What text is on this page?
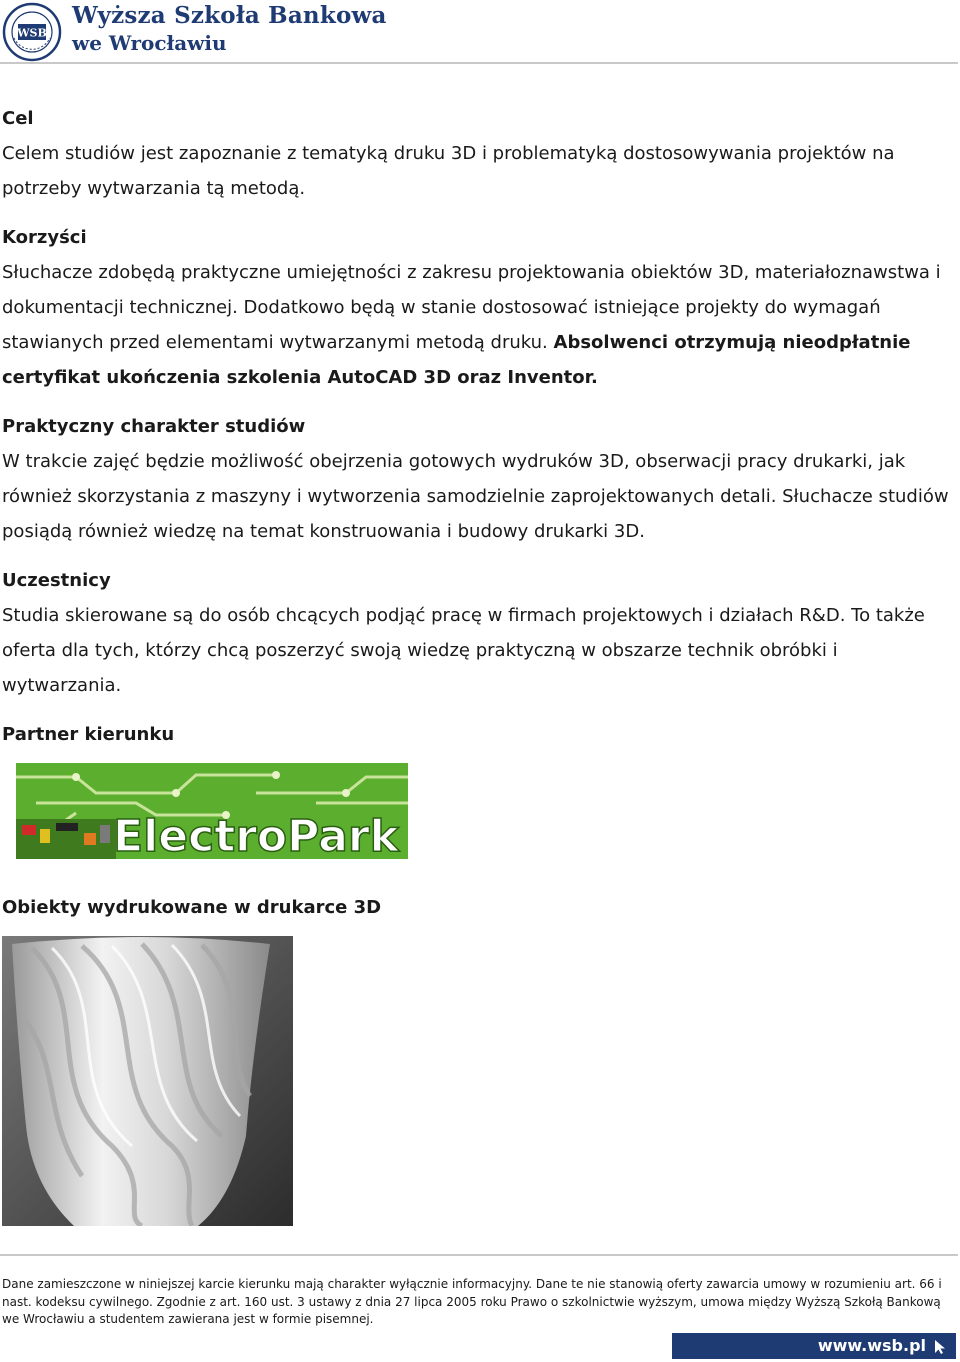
WSB
Wyższa Szkoła Bankowa
we Wrocławiu
Cel

Celem studiów jest zapoznanie z tematyką druku 3D i problematyką dostosowywania projektów na potrzeby wytwarzania tą metodą.

Korzyści

Słuchacze zdobędą praktyczne umiejętności z zakresu projektowania obiektów 3D, materiałoznawstwa i dokumentacji technicznej. Dodatkowo będą w stanie dostosować istniejące projekty do wymagań stawianych przed elementami wytwarzanymi metodą druku. Absolwenci otrzymują nieodpłatnie certyfikat ukończenia szkolenia AutoCAD 3D oraz Inventor.

Praktyczny charakter studiów

W trakcie zajęć będzie możliwość obejrzenia gotowych wydruków 3D, obserwacji pracy drukarki, jak również skorzystania z maszyny i wytworzenia samodzielnie zaprojektowanych detali. Słuchacze studiów posiądą również wiedzę na temat konstruowania i budowy drukarki 3D.

Uczestnicy

Studia skierowane są do osób chcących podjąć pracę w firmach projektowych i działach R&D. To także oferta dla tych, którzy chcą poszerzyć swoją wiedzę praktyczną w obszarze technik obróbki i wytwarzania.

Partner kierunku
ElectroPark
Obiekty wydrukowane w drukarce 3D
Dane zamieszczone w niniejszej karcie kierunku mają charakter wyłącznie informacyjny. Dane te nie stanowią oferty zawarcia umowy w rozumieniu art. 66 i nast. kodeksu cywilnego. Zgodnie z art. 160 ust. 3 ustawy z dnia 27 lipca 2005 roku Prawo o szkolnictwie wyższym, umowa między Wyższą Szkołą Bankową we Wrocławiu a studentem zawierana jest w formie pisemnej.
www.wsb.pl
